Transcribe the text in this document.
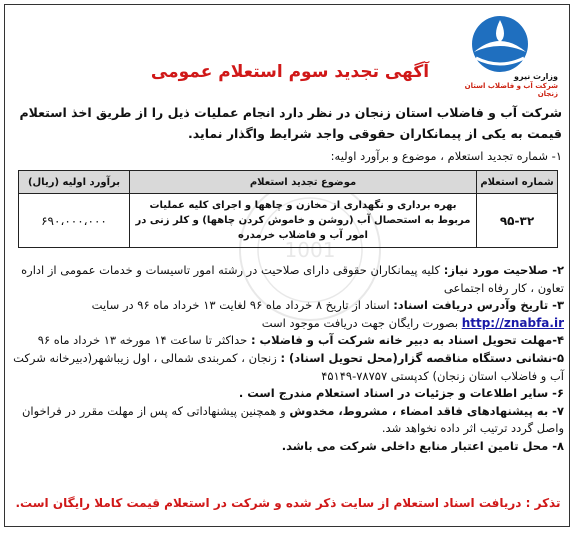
وزارت نیرو
شرکت آب و فاضلاب استان زنجان
آگهی تجدید سوم استعلام عمومی
شرکت آب و فاضلاب استان زنجان در نظر دارد انجام عملیات ذیل را از طریق اخذ استعلام قیمت به یکی از پیمانکاران حقوقی واجد شرایط واگذار نماید.
۱- شماره تجدید استعلام ، موضوع و برآورد اولیه:
1001
شماره استعلام	موضوع تجدید استعلام	برآورد اولیه (ریال)
۹۵-۳۲	بهره برداری و نگهداری از مخازن و چاهها و اجرای کلیه عملیات مربوط به استحصال آب (روشن و خاموش کردن چاهها) و کلر زنی در امور آب و فاضلاب خرمدره	۶۹۰،۰۰۰،۰۰۰
۲- صلاحیت مورد نیاز: کلیه پیمانکاران حقوقی دارای صلاحیت در رشته امور تاسیسات و خدمات عمومی از اداره تعاون ، کار رفاه اجتماعی
۳- تاریخ وآدرس دریافت اسناد: اسناد از تاریخ ۸ خرداد ماه ۹۶ لغایت ۱۳ خرداد ماه ۹۶ در سایت http://znabfa.ir بصورت رایگان جهت دریافت موجود است
۴-مهلت تحویل اسناد به دبیر خانه شرکت آب و فاضلاب : حداکثر تا ساعت ۱۴ مورخه ۱۳ خرداد ماه ۹۶
۵-نشانی دستگاه مناقصه گزار(محل تحویل اسناد) : زنجان ، کمربندی شمالی ، اول زیباشهر(دبیرخانه شرکت آب و فاضلاب استان زنجان) کدپستی ۷۸۷۵۷-۴۵۱۴۹
۶- سایر اطلاعات و جزئیات در اسناد استعلام مندرج است .
۷- به پیشنهادهای فاقد امضاء ، مشروط، مخدوش و همچنین پیشنهاداتی که پس از مهلت مقرر در فراخوان واصل گردد ترتیب اثر داده نخواهد شد.
۸- محل تامین اعتبار منابع داخلی شرکت می باشد.
تذکر : دریافت اسناد استعلام از سایت ذکر شده و شرکت در استعلام قیمت کاملا رایگان است.
